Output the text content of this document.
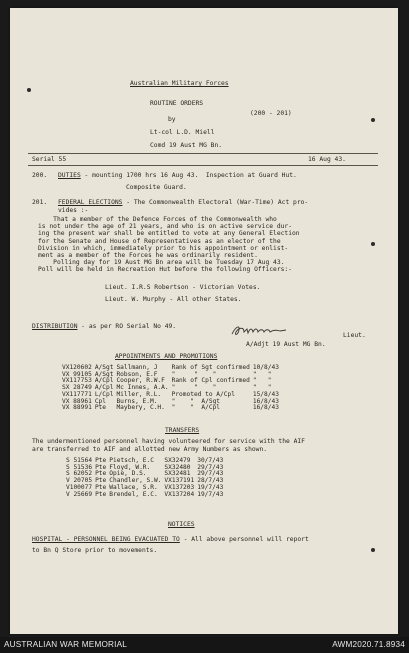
Australian Military Forces
ROUTINE ORDERS
(200 - 201)
by
Lt-col L.D. Miell
Comd 19 Aust MG Bn.
Serial 55	16 Aug 43.
200. DUTIES - mounting 1700 hrs 16 Aug 43.  Inspection at Guard Hut.
Composite Guard.
201. FEDERAL ELECTIONS - The Commonwealth Electoral (War-Time) Act pro-
vides :-
That a member of the Defence Forces of the Commonwealth who
is not under the age of 21 years, and who is on active service dur-
ing the present war shall be entitled to vote at any General Election
for the Senate and House of Representatives as an elector of the
Division in which, immediately prior to his appointment or enlist-
ment as a member of the Forces he was ordinarily resident.
Polling day for 19 Aust MG Bn area will be Tuesday 17 Aug 43.
Poll will be held in Recreation Hut before the following Officers:-
Lieut. I.R.S Robertson - Victorian Votes.
Lieut. W. Murphy - All other States.
DISTRIBUTION - as per RO Serial No 49.
Lieut.
A/Adjt 19 Aust MG Bn.
APPOINTMENTS AND PROMOTIONS
VX120602	A/Sgt	Sallmann, J	Rank of Sgt confirmed	10/8/43
VX 99105	A/Sgt	Robson, E.F	"     "    "	"   "
VX117753	A/Cpl	Cooper, R.W.F	Rank of Cpl confirmed	"   "
SX 28749	A/Cpl	Mc Innes, A.A.	"     "    "	"   "
VX117771	L/Cpl	Miller, R.L.	Promoted to A/Cpl	15/8/43
VX 88961	Cpl	Burns, E.M.	"    "  A/Sgt	16/8/43
VX 88991	Pte	Maybery, C.H.	"    "  A/Cpl	16/8/43
TRANSFERS
The undermentioned personnel having volunteered for service with the AIF
are transferred to AIF and allotted new Army Numbers as shown.
S 51564	Pte	Pietsch, E.C	SX32479	30/7/43
S 51536	Pte	Floyd, W.R.	SX32480	29/7/43
S 62052	Pte	Opie, D.S.	SX32481	29/7/43
V 20705	Pte	Chandler, S.W.	VX137191	28/7/43
V100077	Pte	Wallace, S.R.	VX137203	19/7/43
V 25669	Pte	Brendel, E.C.	VX137204	19/7/43
NOTICES
HOSPITAL - PERSONNEL BEING EVACUATED TO - All above personnel will report
to Bn Q Store prior to movements.
AUSTRALIAN WAR MEMORIAL	AWM2020.71.8934
